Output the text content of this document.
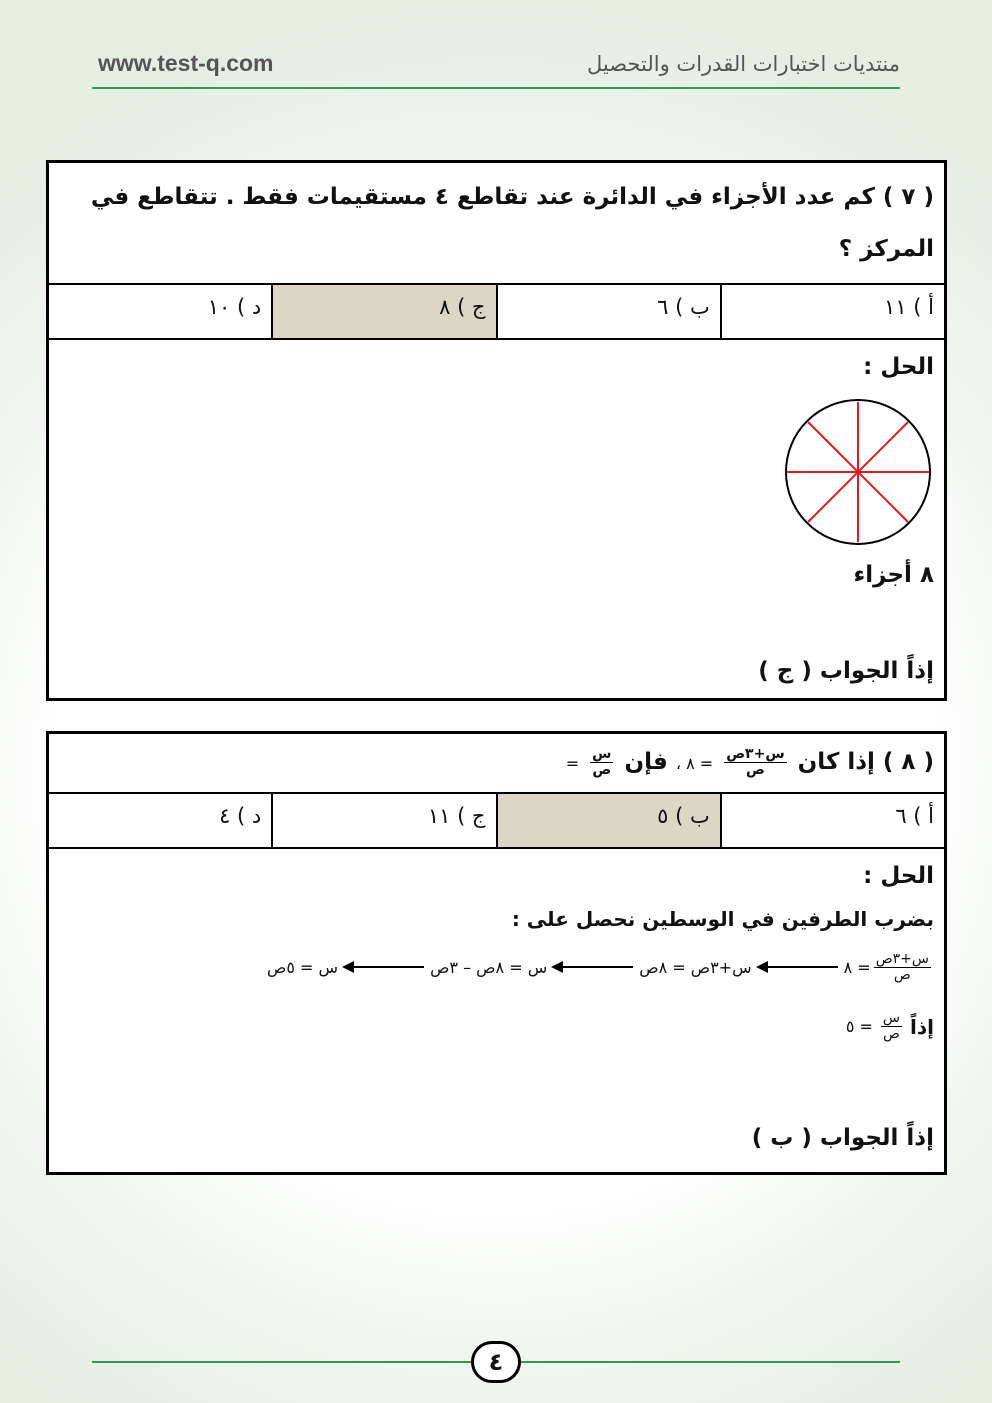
www.test-q.com	منتديات اختبارات القدرات والتحصيل
( ٧ ) كم عدد الأجزاء في الدائرة عند تقاطع ٤ مستقيمات فقط . تتقاطع في
المركز ؟
أ ) ١١
ب ) ٦
ج ) ٨
د ) ١٠
الحل :
٨ أجزاء
إذاً الجواب ( ج )
( ٨ ) إذا كان
$\frac{\text{س+٣ص}}{\text{ص}}$
= ٨ ، فإن
$\frac{\text{س}}{\text{ص}}$
=
أ ) ٦
ب ) ٥
ج ) ١١
د ) ٤
الحل :
بضرب الطرفين في الوسطين نحصل على :
$\frac{\text{س+٣ص}}{\text{ص}}$
= ٨
س+٣ص = ٨ص
س = ٨ص – ٣ص
س = ٥ص
إذاً
$\frac{\text{س}}{\text{ص}}$
= ٥
إذاً الجواب ( ب )
٤
